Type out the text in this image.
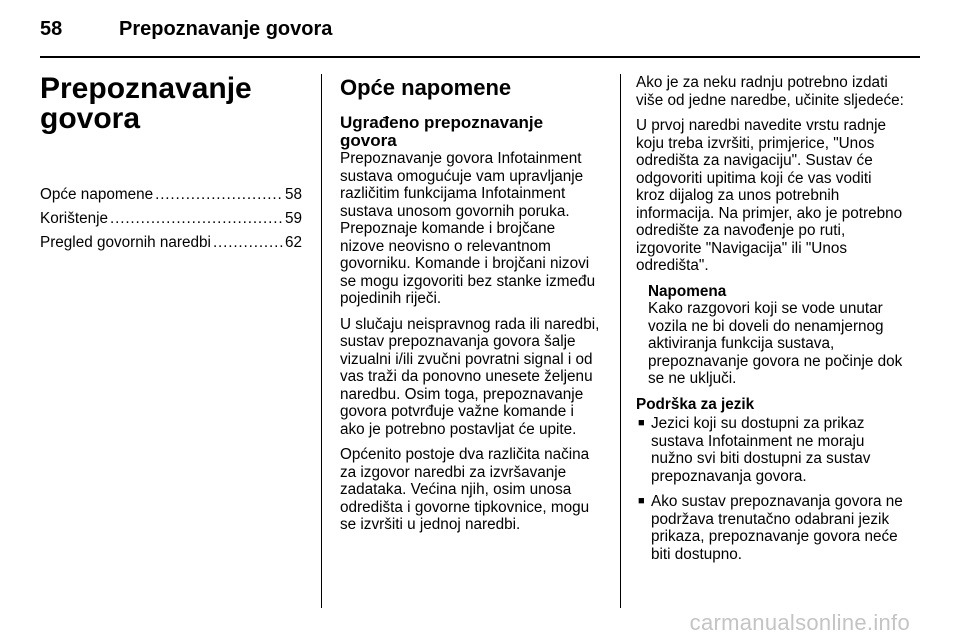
58	Prepoznavanje govora
Prepoznavanje
govora
Opće napomene . . .	58
Korištenje . . .	59
Pregled govornih naredbi . . .	62
Opće napomene
Ugrađeno prepoznavanje govora

Prepoznavanje govora Infotainment sustava omogućuje vam upravljanje različitim funkcijama Infotainment sustava unosom govornih poruka. Prepoznaje komande i brojčane nizove neovisno o relevantnom govorniku. Komande i brojčani nizovi se mogu izgovoriti bez stanke između pojedinih riječi.

U slučaju neispravnog rada ili naredbi, sustav prepoznavanja govora šalje vizualni i/ili zvučni povratni signal i od vas traži da ponovno unesete željenu naredbu. Osim toga, prepoznavanje govora potvrđuje važne komande i ako je potrebno postavljat će upite.

Općenito postoje dva različita načina za izgovor naredbi za izvršavanje zadataka. Većina njih, osim unosa odredišta i govorne tipkovnice, mogu se izvršiti u jednoj naredbi.

Ako je za neku radnju potrebno izdati više od jedne naredbe, učinite sljedeće:

U prvoj naredbi navedite vrstu radnje koju treba izvršiti, primjerice, "Unos odredišta za navigaciju". Sustav će odgovoriti upitima koji će vas voditi kroz dijalog za unos potrebnih informacija. Na primjer, ako je potrebno odredište za navođenje po ruti, izgovorite "Navigacija" ili "Unos odredišta".

Napomena
Kako razgovori koji se vode unutar vozila ne bi doveli do nenamjernog aktiviranja funkcija sustava, prepoznavanje govora ne počinje dok se ne uključi.
Podrška za jezik
■ Jezici koji su dostupni za prikaz sustava Infotainment ne moraju nužno svi biti dostupni za sustav prepoznavanja govora.
■ Ako sustav prepoznavanja govora ne podržava trenutačno odabrani jezik prikaza, prepoznavanje govora neće biti dostupno.
carmanualsonline.info
